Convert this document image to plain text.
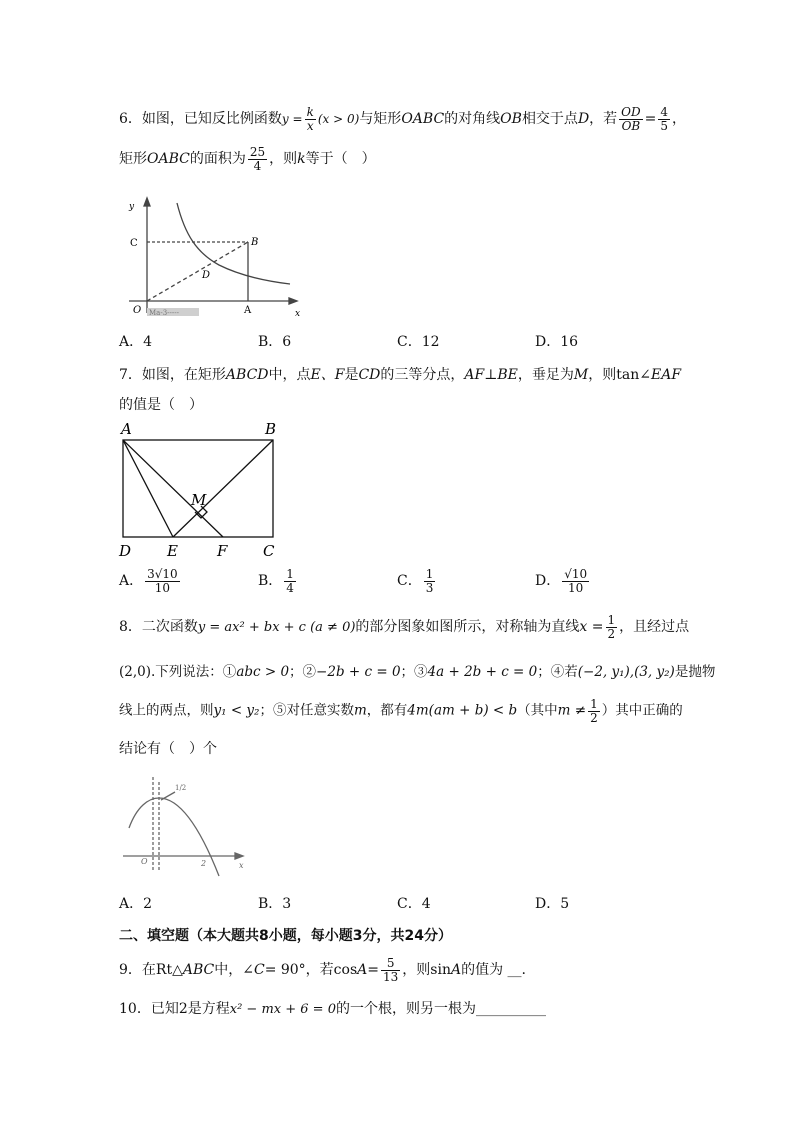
6．如图，已知反比例函数$y = \frac{k}{x} (x > 0)$与矩形OABC的对角线OB相交于点D，若 $\frac{OD}{OB} = \frac{4}{5}$ ，
矩形OABC的面积为 $\frac{25}{4}$ ，则k等于（　）
y
C	B
D
O	A	x
Ma-3-----
A．4	B．6	C．12	D．16
7．如图，在矩形ABCD中，点E、F是CD的三等分点，AF⊥BE，垂足为M，则tan∠EAF
的值是（　）
A	B
M
D E	F C
A． $\frac{3√10}{10}$	B． $\frac{1}{4}$	C． $\frac{1}{3}$	D． $\frac{√10}{10}$
8．二次函数y = ax² + bx + c (a ≠ 0)的部分图象如图所示，对称轴为直线$x = \frac{1}{2}$ ，且经过点
(2,0).下列说法：①abc > 0；②−2b + c = 0；③4a + 2b + c = 0；④若(−2, y₁),(3, y₂)是抛物
线上的两点，则y₁ < y₂；⑤对任意实数m，都有4m(am + b) < b（其中$m \ne \frac{1}{2}$ ）其中正确的
结论有（　）个
1/2
O	2	x
A．2	B．3	C．4	D．5
二、填空题（本大题共8小题，每小题3分，共24分）
9．在Rt△ABC中，∠C= 90°，若$\cos A= \frac{5}{13}$ ，则sinA的值为 __.
10．已知2是方程x² − mx + 6 = 0的一个根，则另一根为__________
